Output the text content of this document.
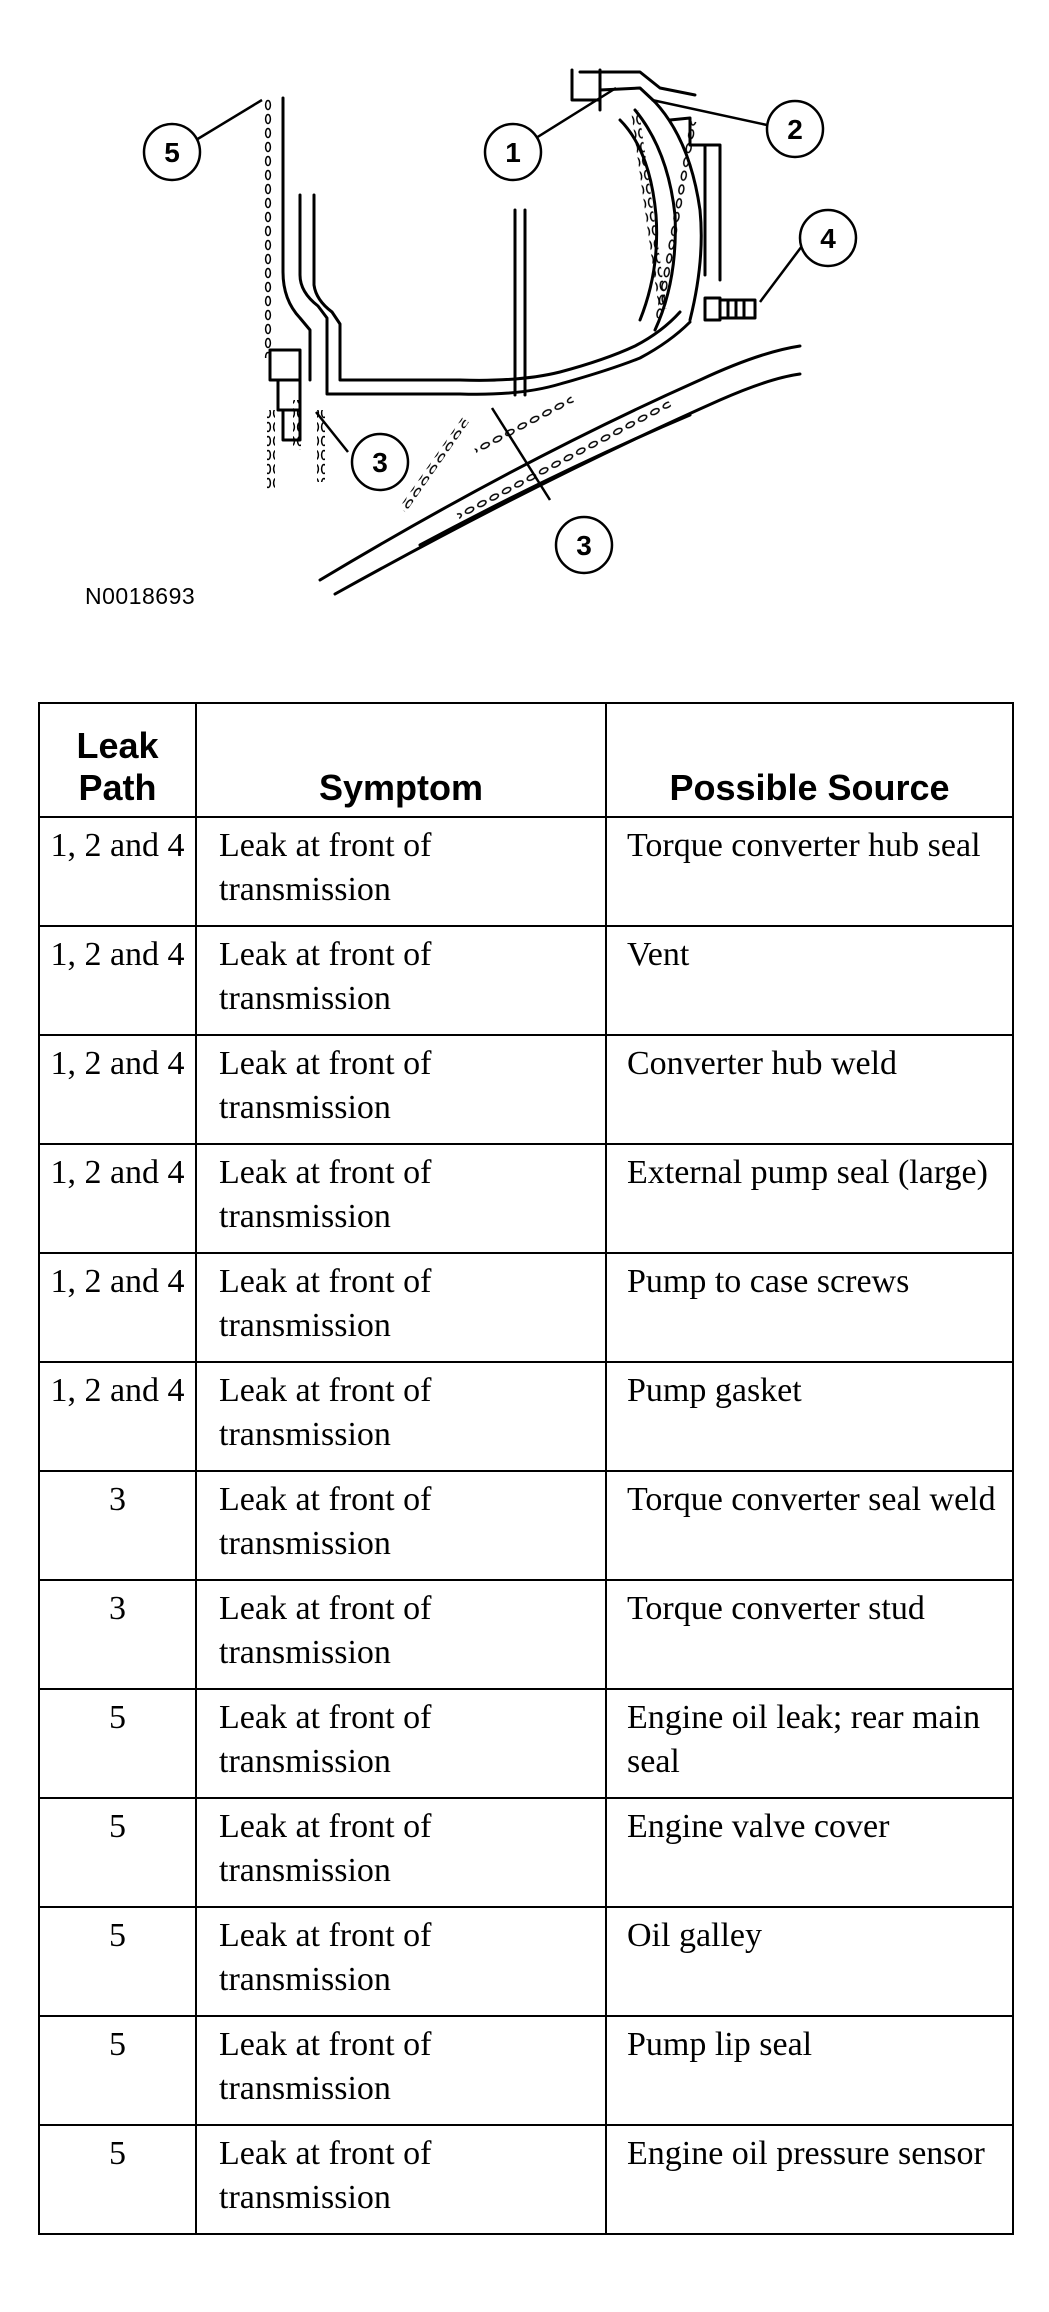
5	1
2
4
3
3
N0018693
Leak Path	Symptom	Possible Source
1, 2 and 4	Leak at front of transmission	Torque converter hub seal
1, 2 and 4	Leak at front of transmission	Vent
1, 2 and 4	Leak at front of transmission	Converter hub weld
1, 2 and 4	Leak at front of transmission	External pump seal (large)
1, 2 and 4	Leak at front of transmission	Pump to case screws
1, 2 and 4	Leak at front of transmission	Pump gasket
3	Leak at front of transmission	Torque converter seal weld
3	Leak at front of transmission	Torque converter stud
5	Leak at front of transmission	Engine oil leak; rear main seal
5	Leak at front of transmission	Engine valve cover
5	Leak at front of transmission	Oil galley
5	Leak at front of transmission	Pump lip seal
5	Leak at front of transmission	Engine oil pressure sensor
